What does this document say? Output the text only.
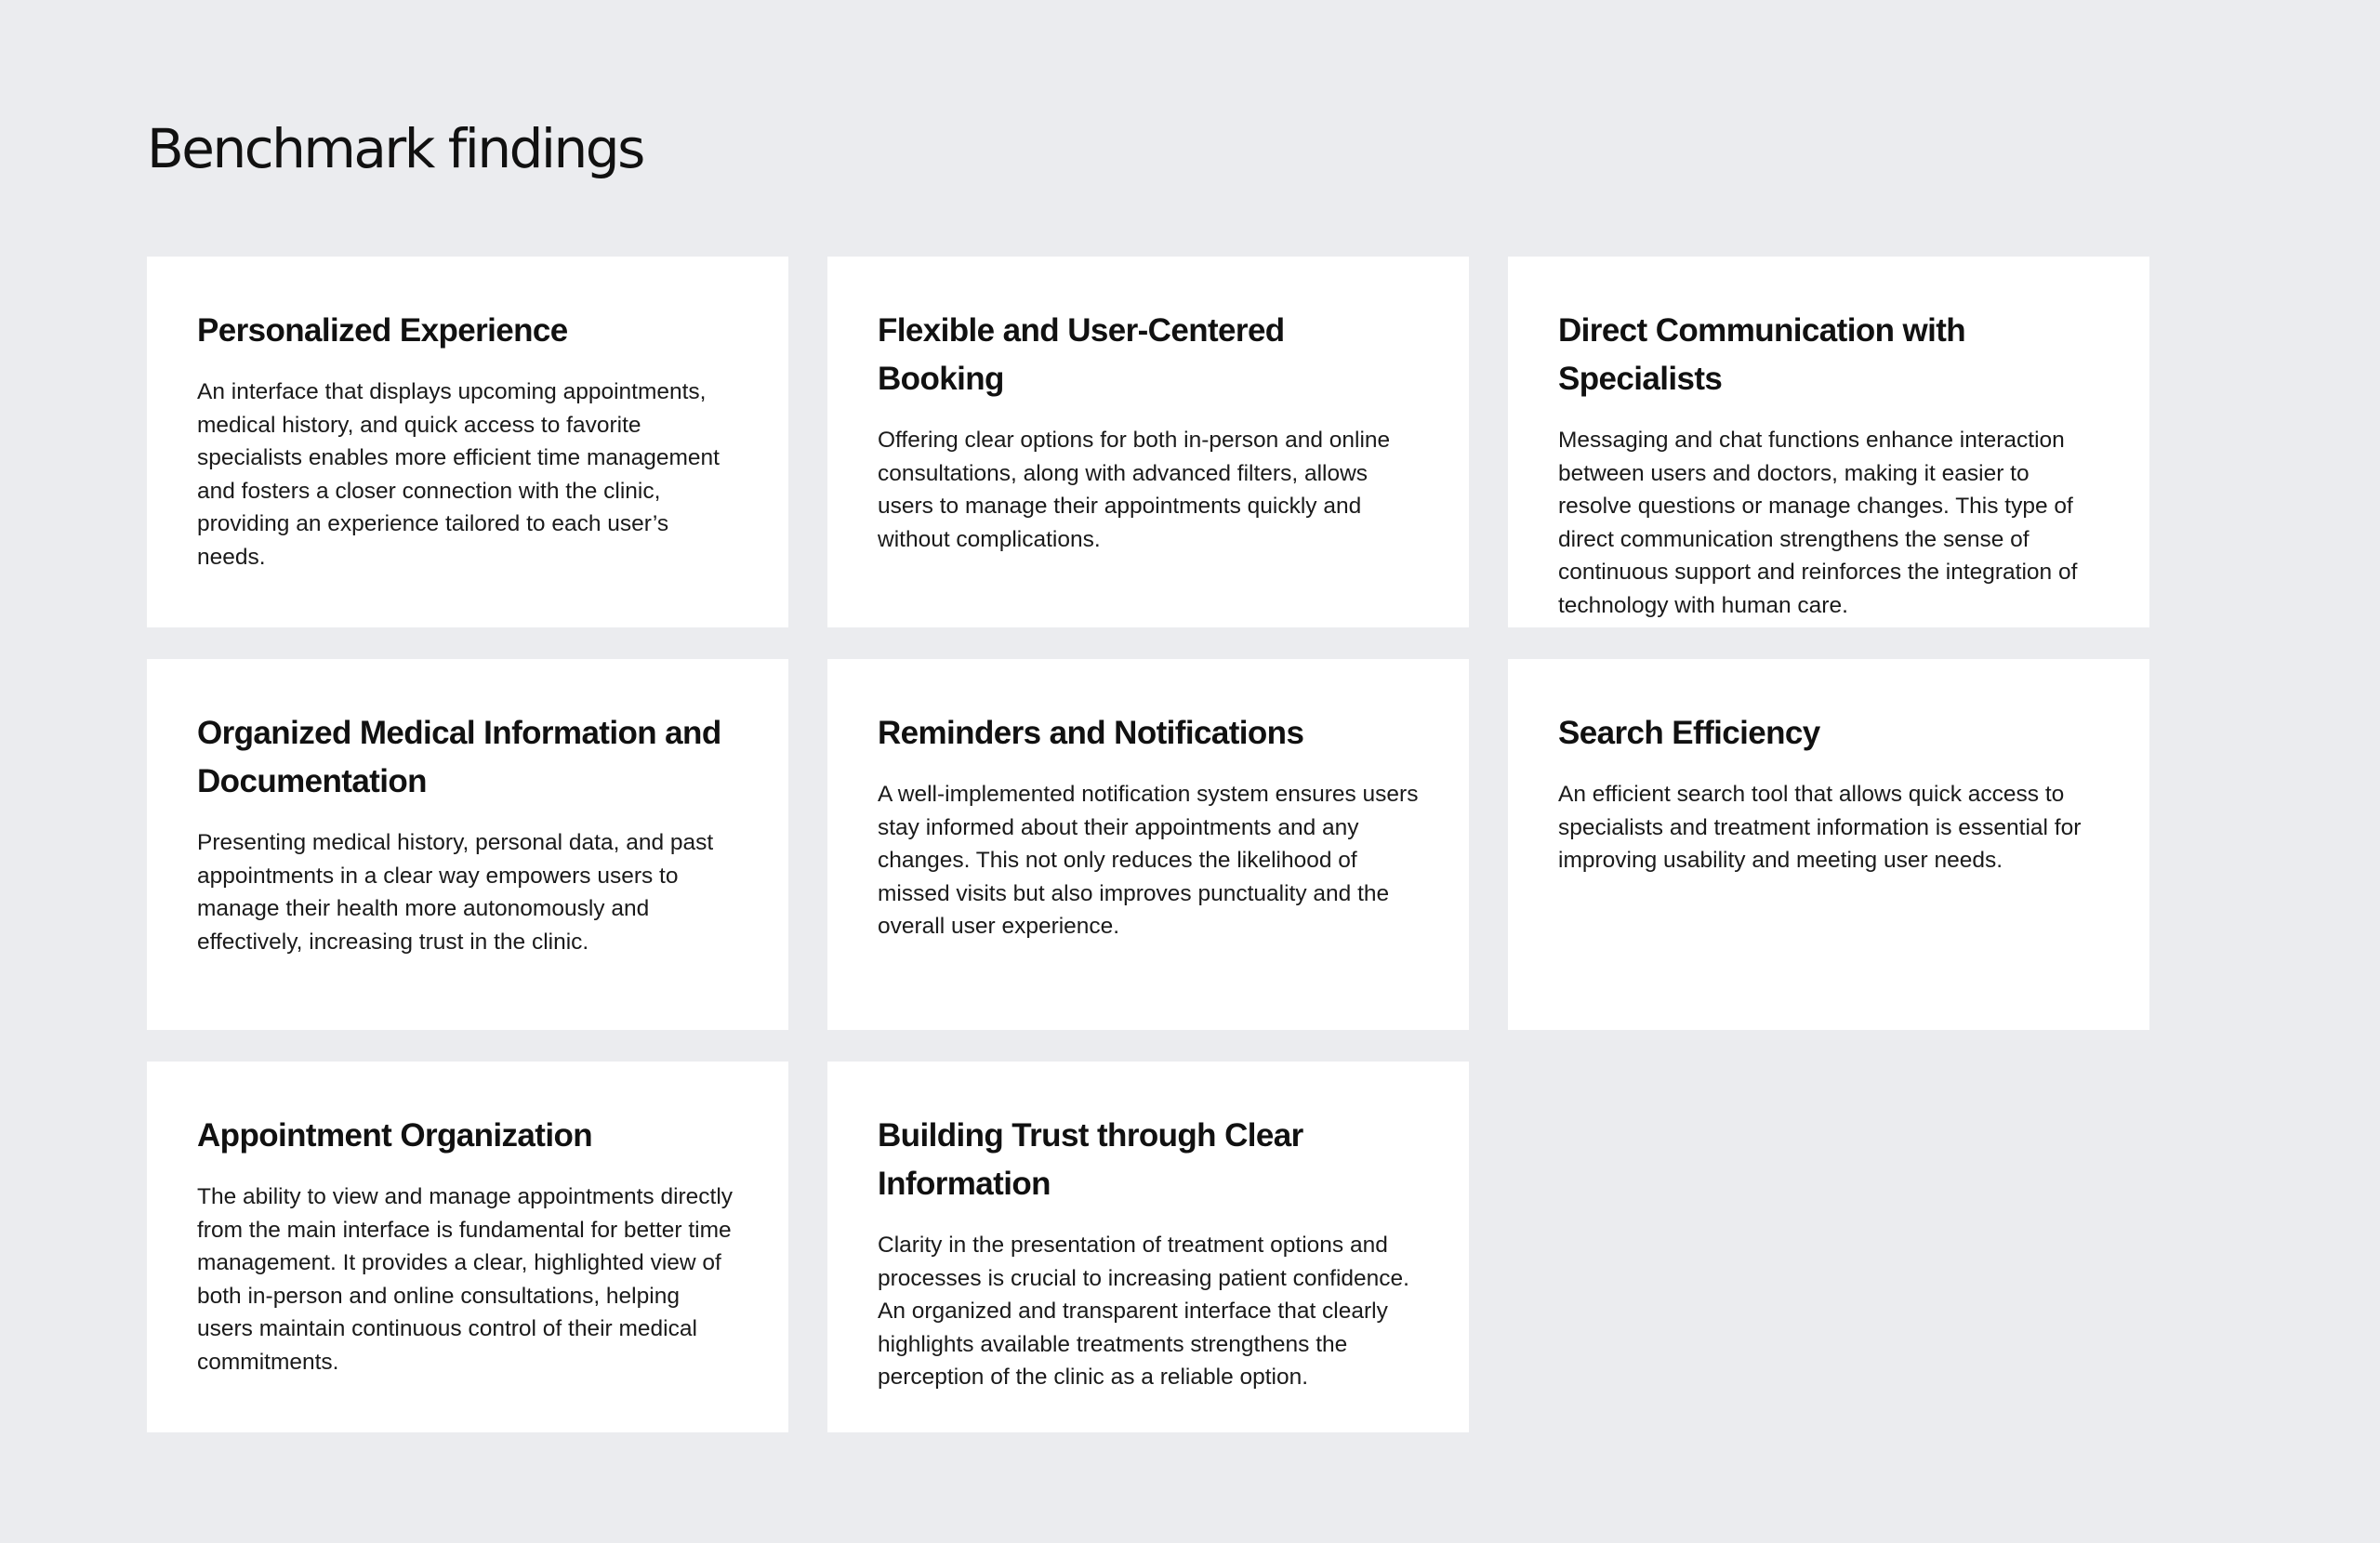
Benchmark findings
Personalized Experience
An interface that displays upcoming appointments, medical history, and quick access to favorite specialists enables more efficient time management and fosters a closer connection with the clinic, providing an experience tailored to each user’s needs.
Flexible and User-Centered Booking
Offering clear options for both in-person and online consultations, along with advanced filters, allows users to manage their appointments quickly and without complications.
Direct Communication with Specialists
Messaging and chat functions enhance interaction between users and doctors, making it easier to resolve questions or manage changes. This type of direct communication strengthens the sense of continuous support and reinforces the integration of technology with human care.
Organized Medical Information and Documentation
Presenting medical history, personal data, and past appointments in a clear way empowers users to manage their health more autonomously and effectively, increasing trust in the clinic.
Reminders and Notifications
A well-implemented notification system ensures users stay informed about their appointments and any changes. This not only reduces the likelihood of missed visits but also improves punctuality and the overall user experience.
Search Efficiency
An efficient search tool that allows quick access to specialists and treatment information is essential for improving usability and meeting user needs.
Appointment Organization
The ability to view and manage appointments directly from the main interface is fundamental for better time management. It provides a clear, highlighted view of both in-person and online consultations, helping users maintain continuous control of their medical commitments.
Building Trust through Clear Information
Clarity in the presentation of treatment options and processes is crucial to increasing patient confidence. An organized and transparent interface that clearly highlights available treatments strengthens the perception of the clinic as a reliable option.
